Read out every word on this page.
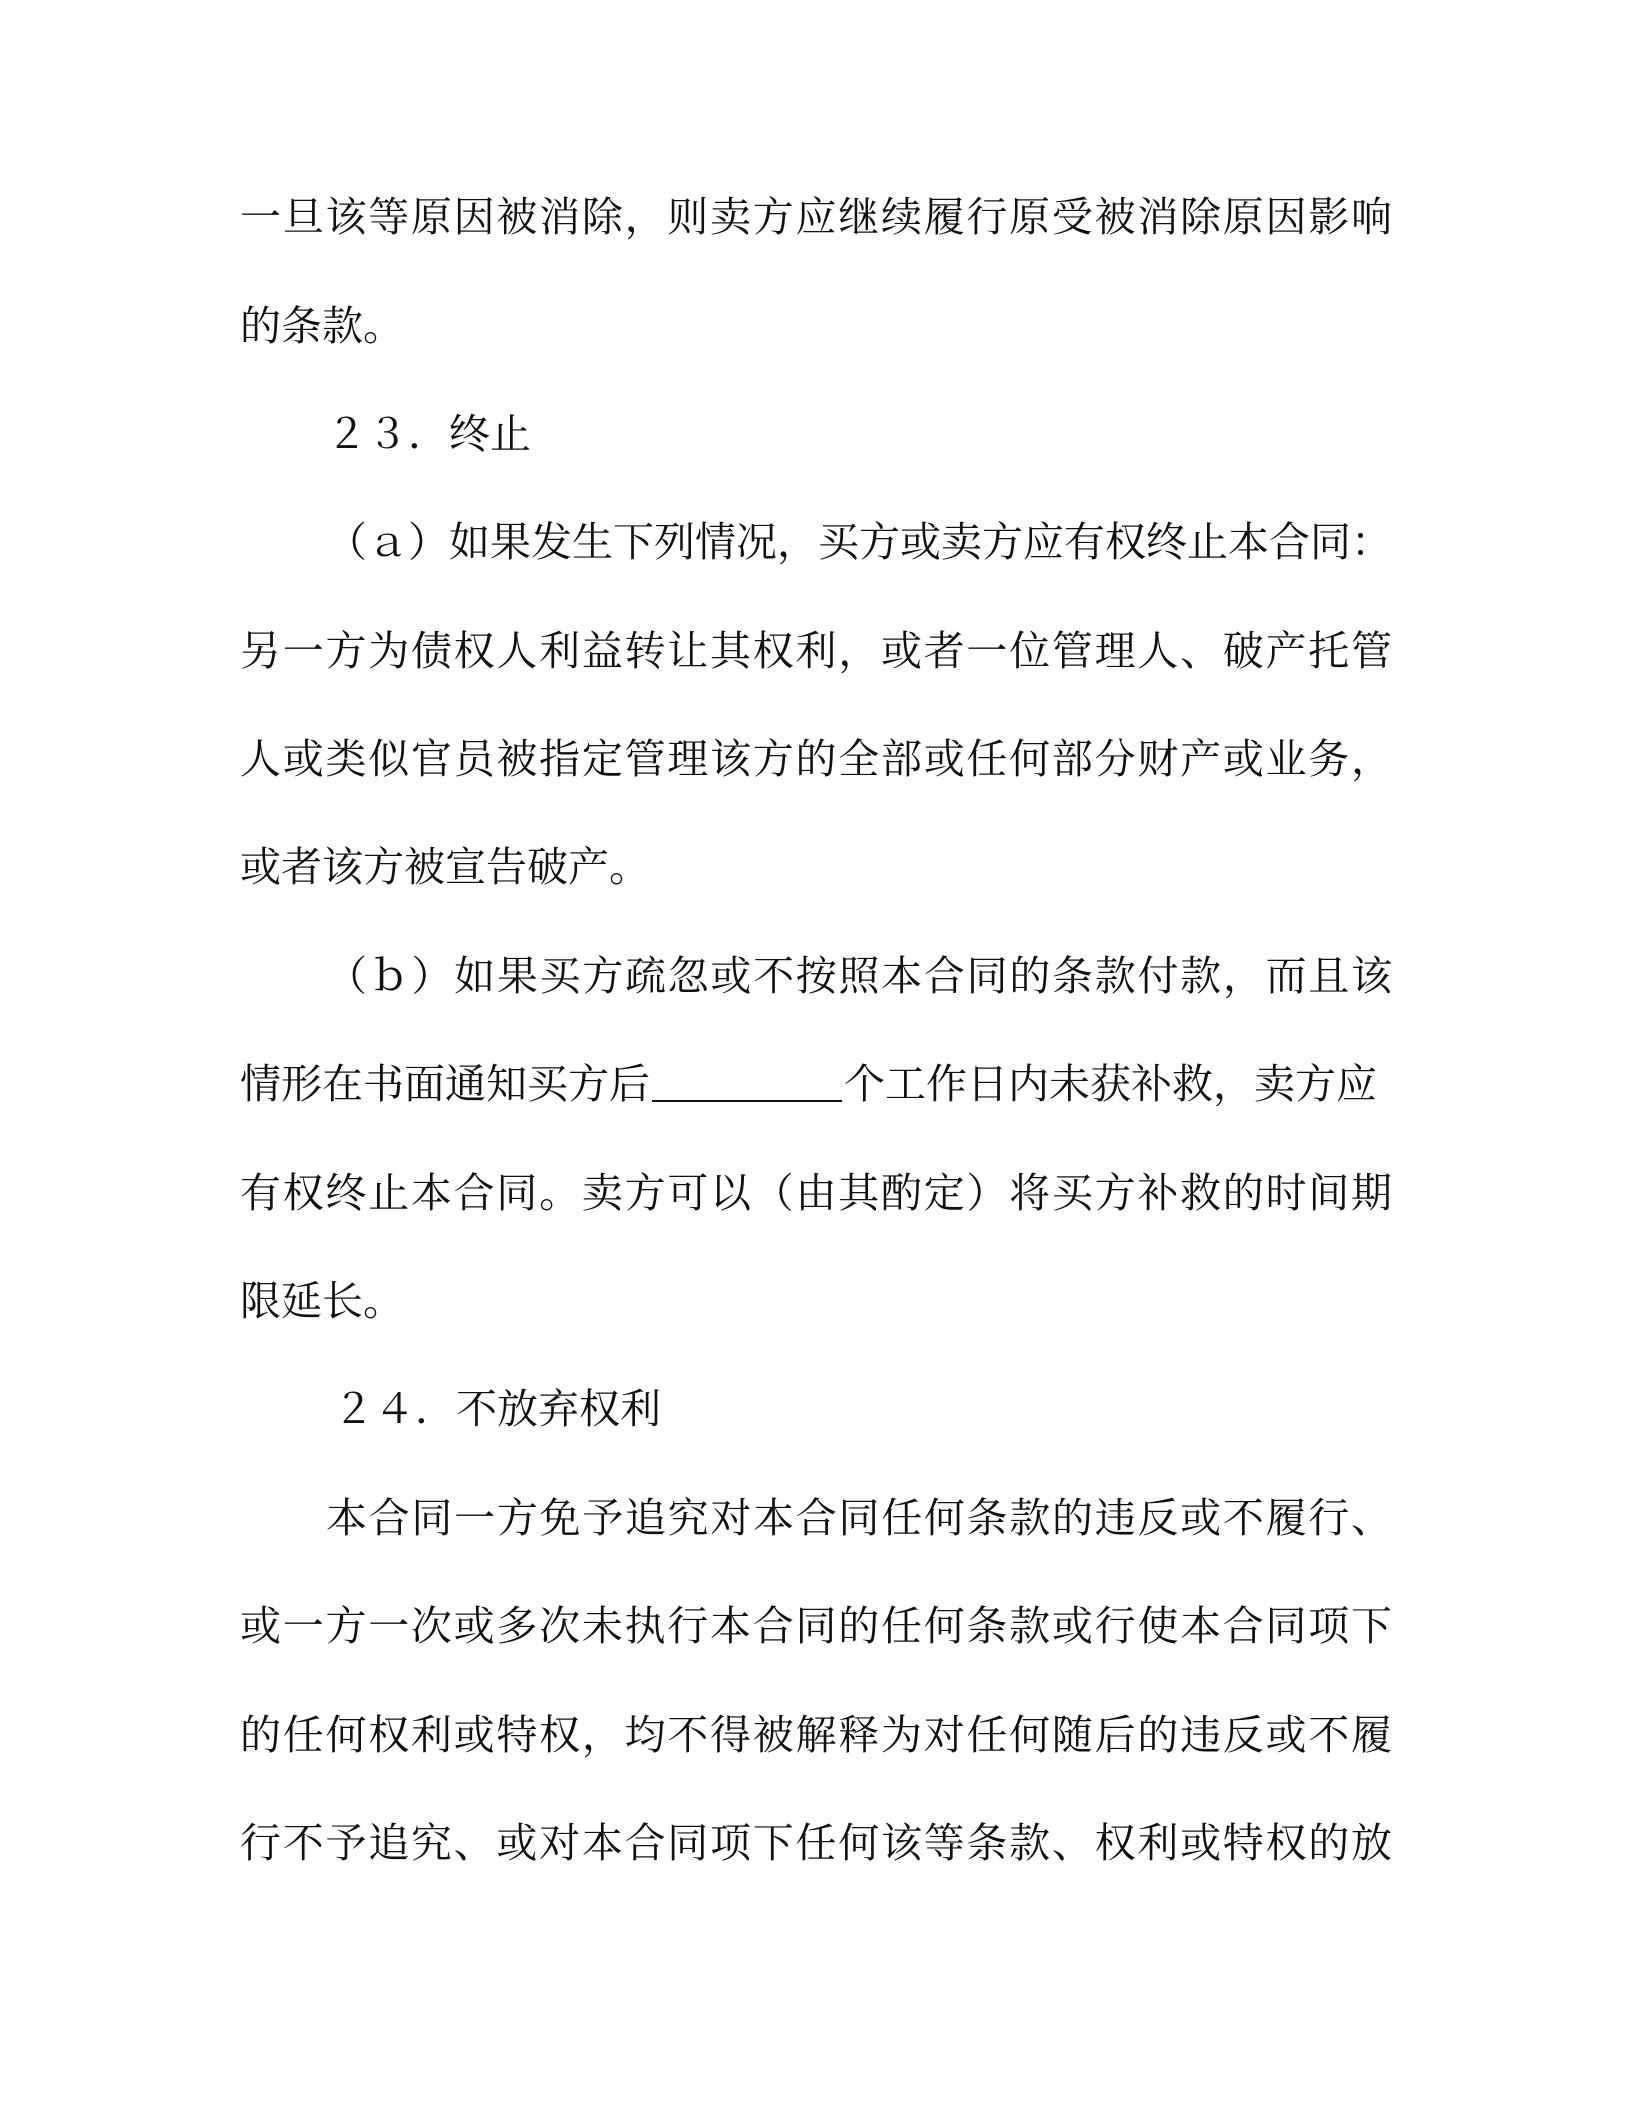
一旦该等原因被消除，则卖方应继续履行原受被消除原因影响
的条款。
２３．终止
（ａ）如果发生下列情况，买方或卖方应有权终止本合同：
另一方为债权人利益转让其权利，或者一位管理人、破产托管
人或类似官员被指定管理该方的全部或任何部分财产或业务，
或者该方被宣告破产。
（ｂ）如果买方疏忽或不按照本合同的条款付款，而且该
情形在书面通知买方后	个工作日内未获补救，卖方应
有权终止本合同。卖方可以（由其酌定）将买方补救的时间期
限延长。
２４．不放弃权利
本合同一方免予追究对本合同任何条款的违反或不履行、
或一方一次或多次未执行本合同的任何条款或行使本合同项下
的任何权利或特权，均不得被解释为对任何随后的违反或不履
行不予追究、或对本合同项下任何该等条款、权利或特权的放
